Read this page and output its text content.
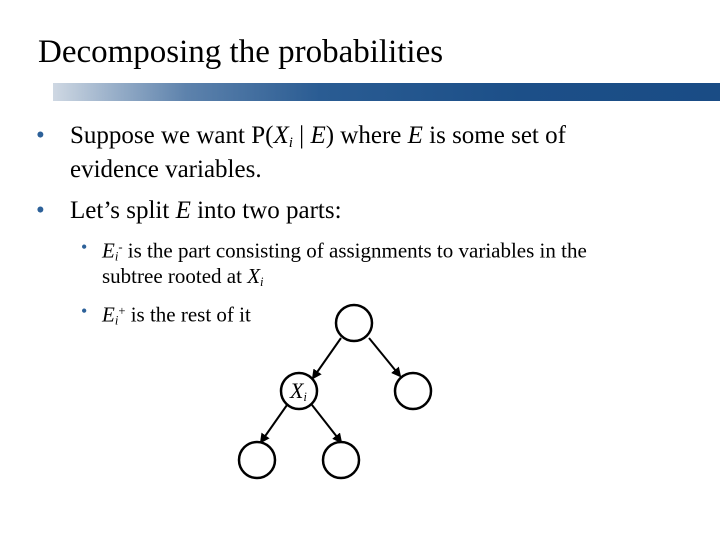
Decomposing the probabilities
• Suppose we want $P(X_i$ | E) where E is some set of
evidence variables.
• Let’s split E into two parts:
• $E_i^-$ is the part consisting of assignments to variables in the
subtree rooted at $X_i$
• $E_i^+$ is the rest of it
$X_i$
